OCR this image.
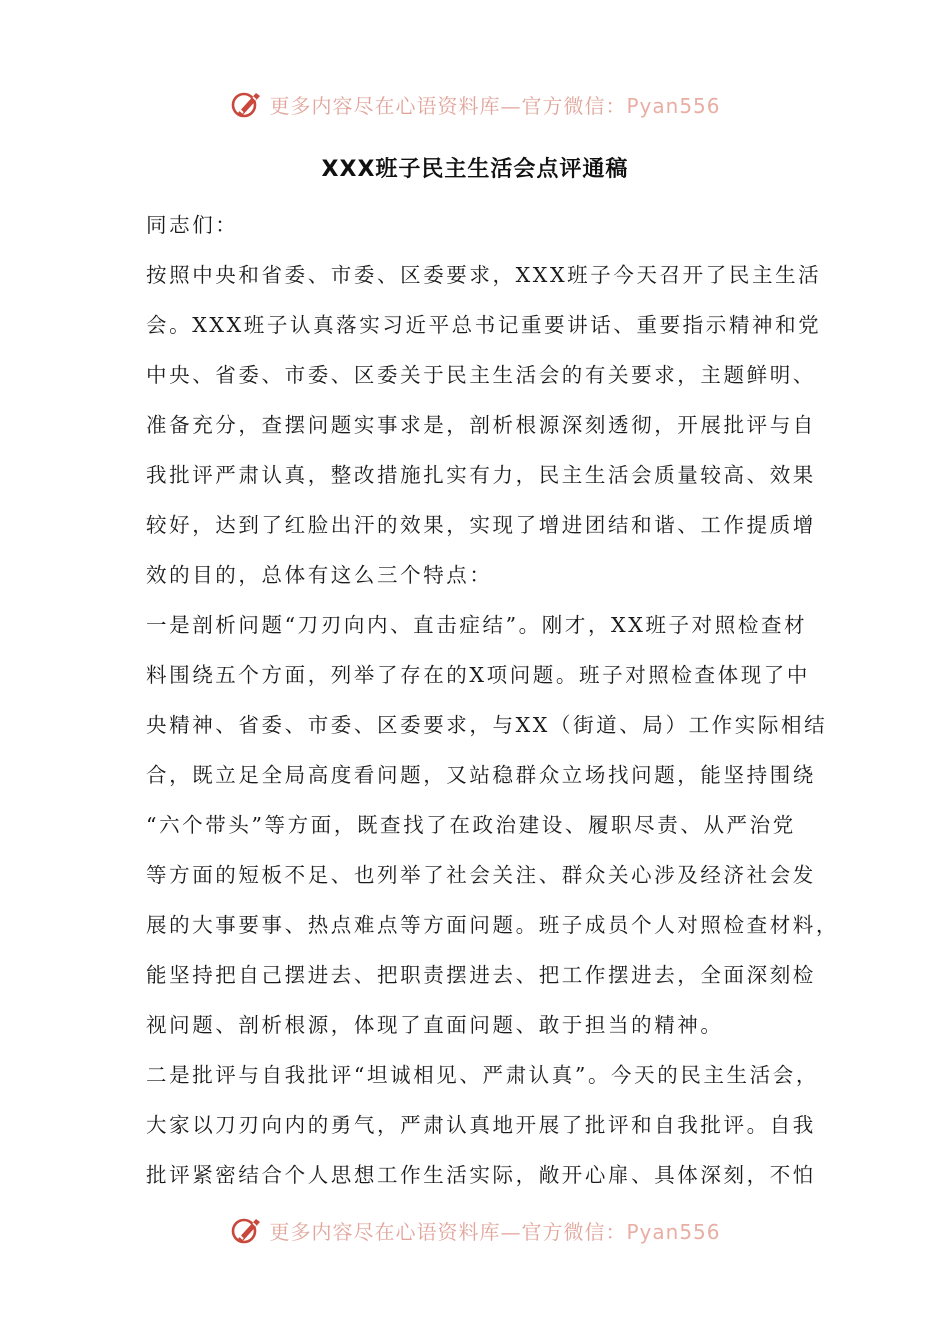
更多内容尽在心语资料库—官方微信：Pyan556
XXX班子民主生活会点评通稿

同志们：

按照中央和省委、市委、区委要求，XXX班子今天召开了民主生活

会。XXX班子认真落实习近平总书记重要讲话、重要指示精神和党

中央、省委、市委、区委关于民主生活会的有关要求，主题鲜明、

准备充分，查摆问题实事求是，剖析根源深刻透彻，开展批评与自

我批评严肃认真，整改措施扎实有力，民主生活会质量较高、效果

较好，达到了红脸出汗的效果，实现了增进团结和谐、工作提质增

效的目的，总体有这么三个特点：

一是剖析问题“刀刃向内、直击症结”。刚才，XX班子对照检查材

料围绕五个方面，列举了存在的X项问题。班子对照检查体现了中

央精神、省委、市委、区委要求，与XX（街道、局）工作实际相结

合，既立足全局高度看问题，又站稳群众立场找问题，能坚持围绕

“六个带头”等方面，既查找了在政治建设、履职尽责、从严治党

等方面的短板不足、也列举了社会关注、群众关心涉及经济社会发

展的大事要事、热点难点等方面问题。班子成员个人对照检查材料，

能坚持把自己摆进去、把职责摆进去、把工作摆进去，全面深刻检

视问题、剖析根源，体现了直面问题、敢于担当的精神。

二是批评与自我批评“坦诚相见、严肃认真”。今天的民主生活会，

大家以刀刃向内的勇气，严肃认真地开展了批评和自我批评。自我

批评紧密结合个人思想工作生活实际，敞开心扉、具体深刻，不怕

更多内容尽在心语资料库—官方微信：Pyan556
